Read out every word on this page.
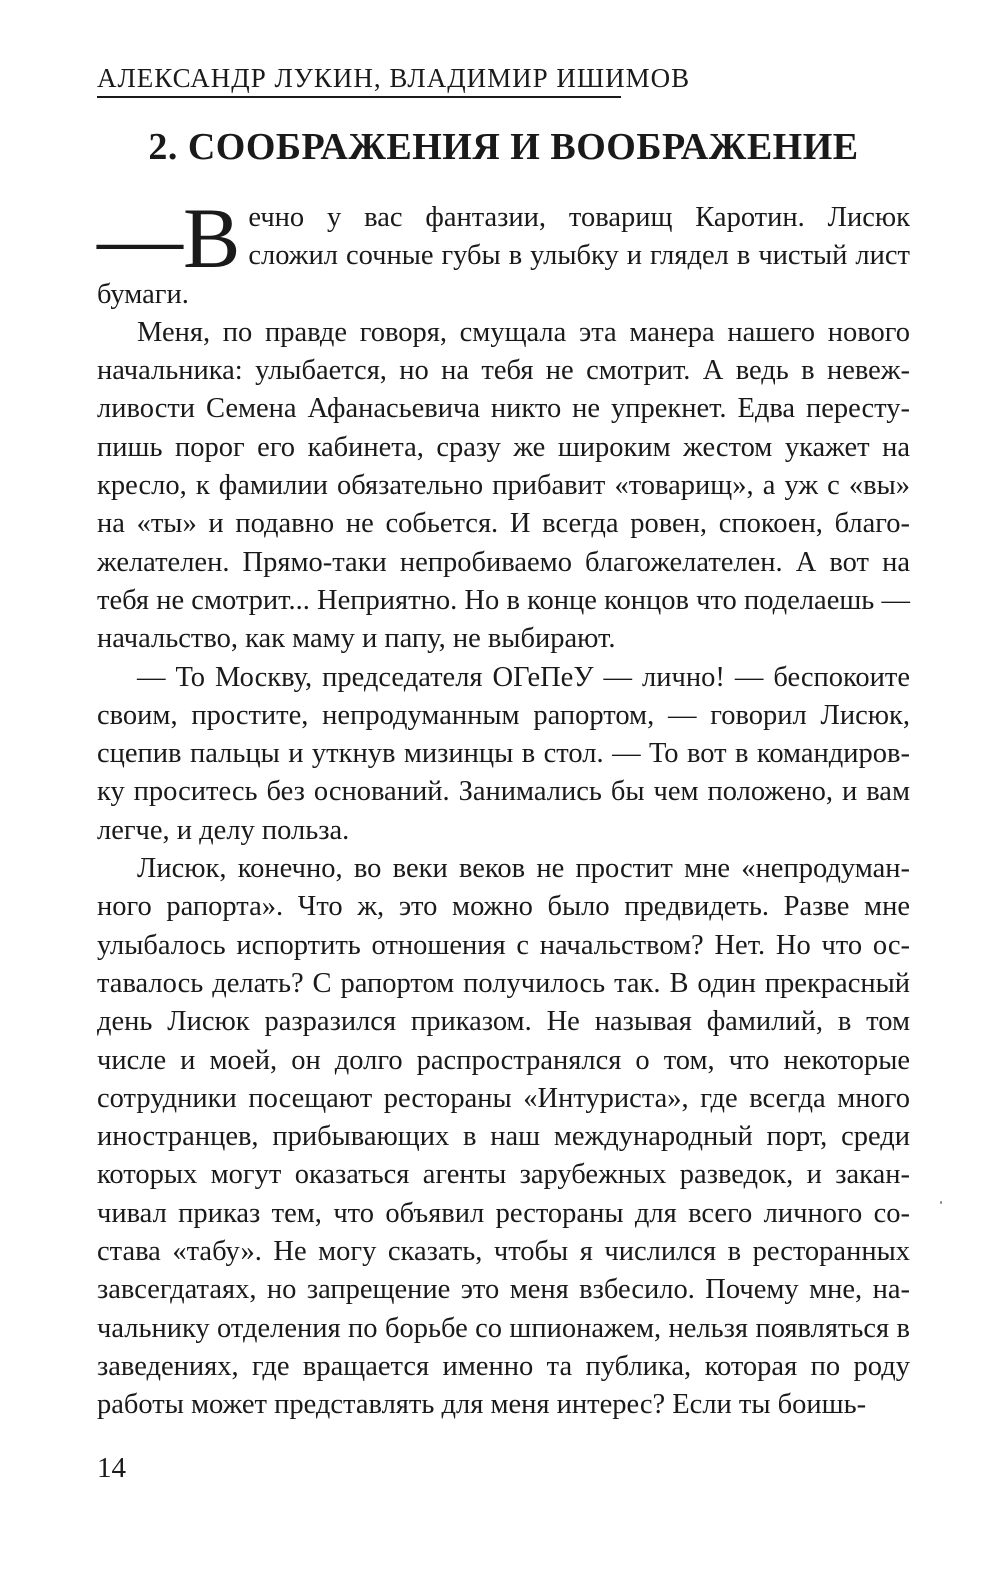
АЛЕКСАНДР ЛУКИН, ВЛАДИМИР ИШИМОВ
2. СООБРАЖЕНИЯ И ВООБРАЖЕНИЕ

—В ечно у вас фантазии, товарищ Каротин. Лисюк сложил сочные губы в улыбку и глядел в чистый лист бумаги.

Меня, по правде говоря, смущала эта манера нашего нового начальника: улыбается, но на тебя не смотрит. А ведь в невежливости Семена Афанасьевича никто не упрекнет. Едва переступишь порог его кабинета, сразу же широким жестом укажет на кресло, к фамилии обязательно прибавит «товарищ», а уж с «вы» на «ты» и подавно не собьется. И всегда ровен, спокоен, благожелателен. Прямо-таки непробиваемо благожелателен. А вот на тебя не смотрит... Неприятно. Но в конце концов что поделаешь — начальство, как маму и папу, не выбирают.

— То Москву, председателя ОГеПеУ — лично! — беспокоите своим, простите, непродуманным рапортом, — говорил Лисюк, сцепив пальцы и уткнув мизинцы в стол. — То вот в командировку проситесь без оснований. Занимались бы чем положено, и вам легче, и делу польза.

Лисюк, конечно, во веки веков не простит мне «непродуманного рапорта». Что ж, это можно было предвидеть. Разве мне улыбалось испортить отношения с начальством? Нет. Но что оставалось делать? С рапортом получилось так. В один прекрасный день Лисюк разразился приказом. Не называя фамилий, в том числе и моей, он долго распространялся о том, что некоторые сотрудники посещают рестораны «Интуриста», где всегда много иностранцев, прибывающих в наш международный порт, среди которых могут оказаться агенты зарубежных разведок, и заканчивал приказ тем, что объявил рестораны для всего личного состава «табу». Не могу сказать, чтобы я числился в ресторанных завсегдатаях, но запрещение это меня взбесило. Почему мне, начальнику отделения по борьбе со шпионажем, нельзя появляться в заведениях, где вращается именно та публика, которая по роду работы может представлять для меня интерес? Если ты боишь-

14
